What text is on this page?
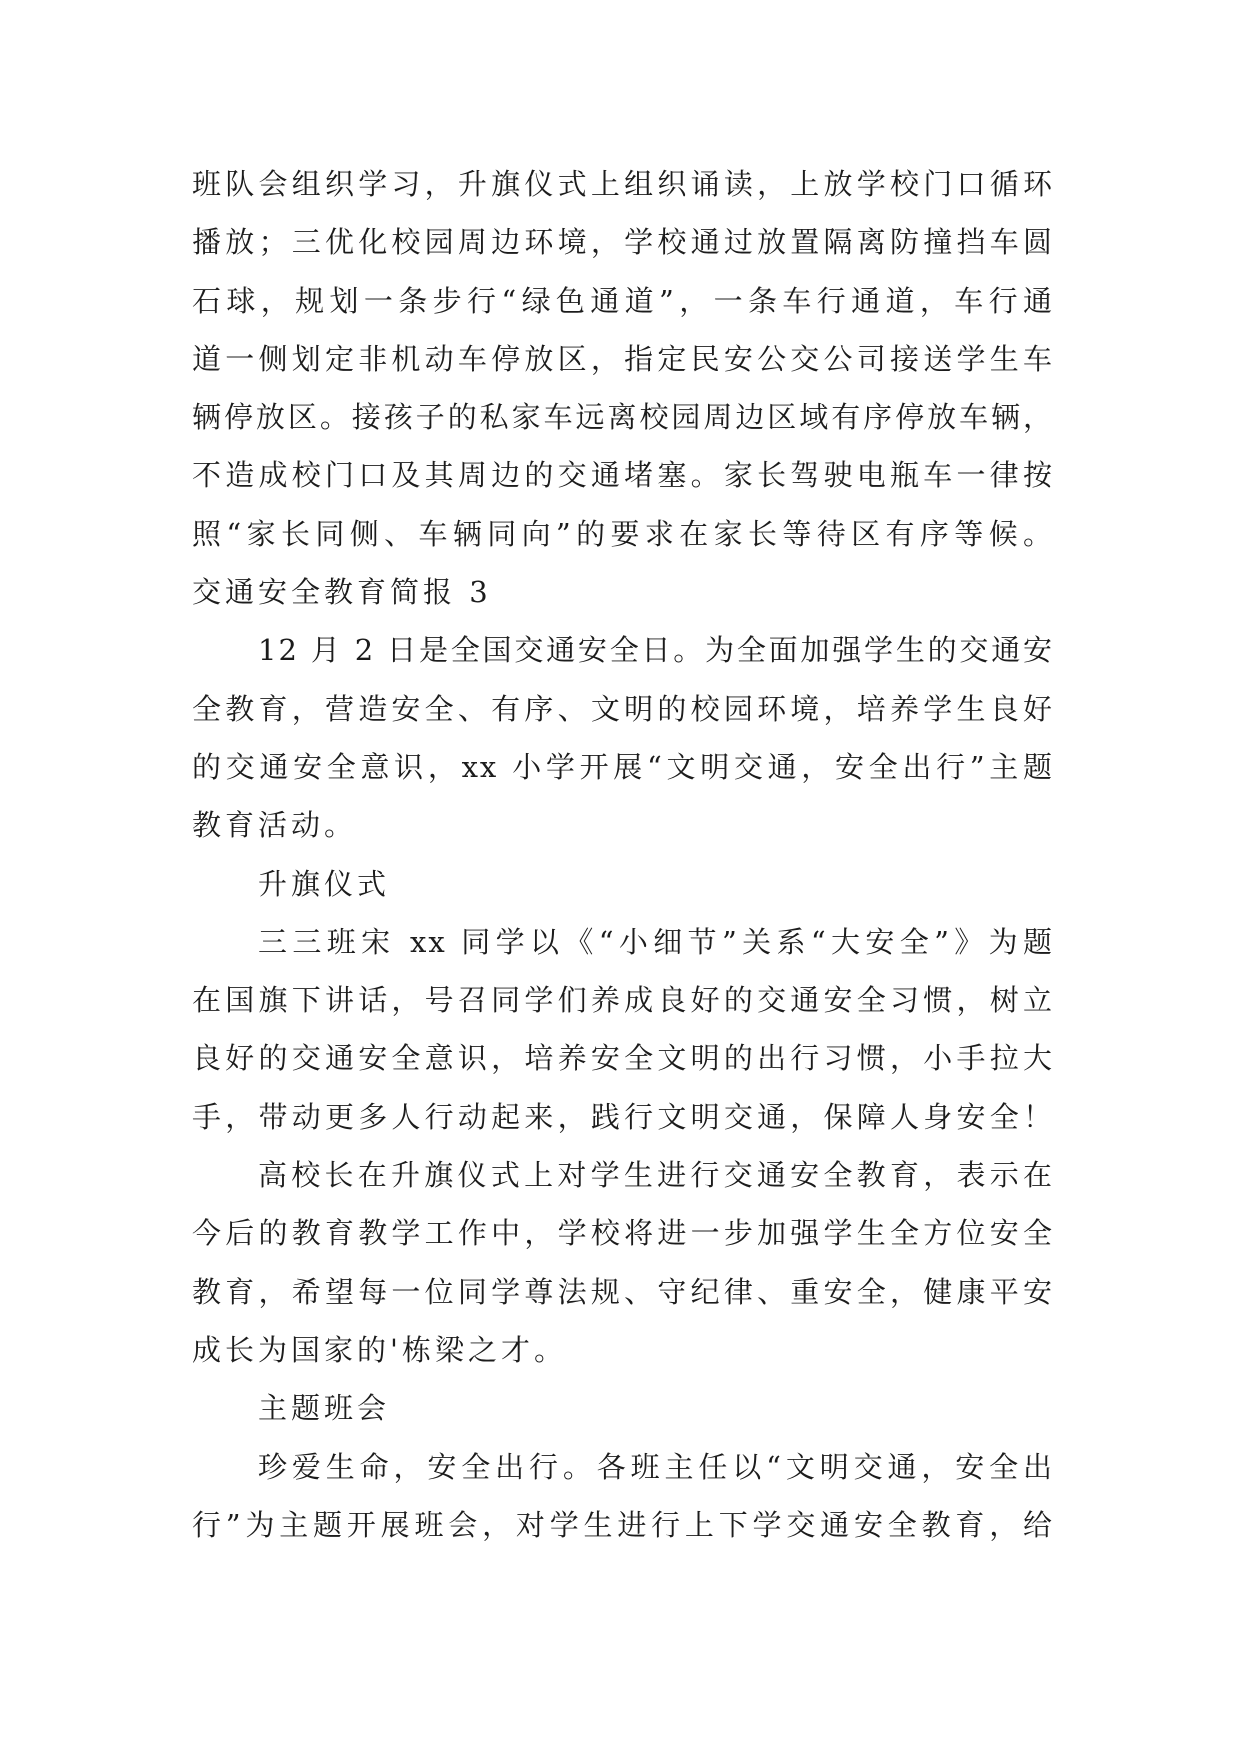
班队会组织学习，升旗仪式上组织诵读，上放学校门口循环
播放；三优化校园周边环境，学校通过放置隔离防撞挡车圆
石球，规划一条步行“绿色通道”，一条车行通道，车行通
道一侧划定非机动车停放区，指定民安公交公司接送学生车
辆停放区。接孩子的私家车远离校园周边区域有序停放车辆，
不造成校门口及其周边的交通堵塞。家长驾驶电瓶车一律按
照“家长同侧、车辆同向”的要求在家长等待区有序等候。
交通安全教育简报 3
12 月 2 日是全国交通安全日。为全面加强学生的交通安
全教育，营造安全、有序、文明的校园环境，培养学生良好
的交通安全意识，xx 小学开展“文明交通，安全出行”主题
教育活动。
升旗仪式
三三班宋 xx 同学以《“小细节”关系“大安全”》为题
在国旗下讲话，号召同学们养成良好的交通安全习惯，树立
良好的交通安全意识，培养安全文明的出行习惯，小手拉大
手，带动更多人行动起来，践行文明交通，保障人身安全！
高校长在升旗仪式上对学生进行交通安全教育，表示在
今后的教育教学工作中，学校将进一步加强学生全方位安全
教育，希望每一位同学尊法规、守纪律、重安全，健康平安
成长为国家的'栋梁之才。
主题班会
珍爱生命，安全出行。各班主任以“文明交通，安全出
行”为主题开展班会，对学生进行上下学交通安全教育，给
